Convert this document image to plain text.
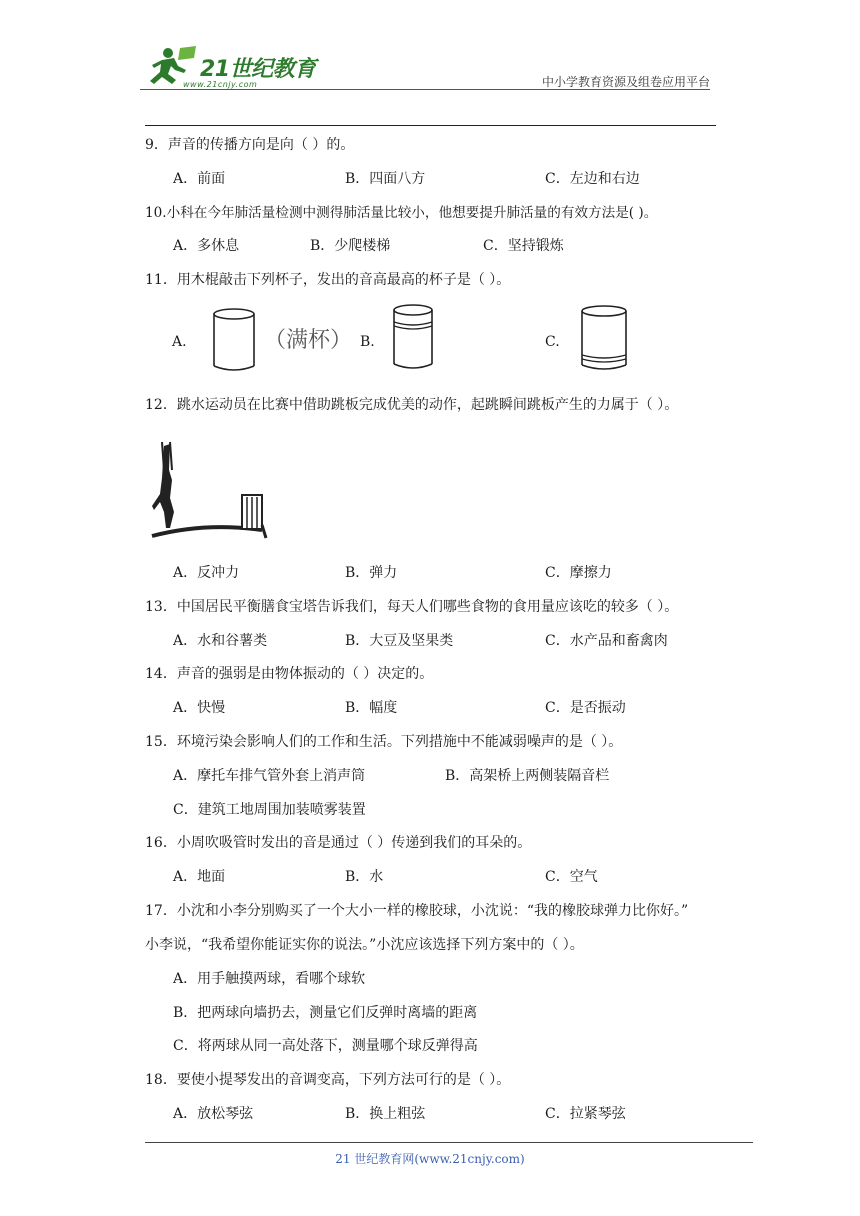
21世纪教育
www.21cnjy.com	中小学教育资源及组卷应用平台
9．声音的传播方向是向（ ）的。
A．前面	B．四面八方	C．左边和右边
10.小科在今年肺活量检测中测得肺活量比较小，他想要提升肺活量的有效方法是( )。
A．多休息	B．少爬楼梯	C．坚持锻炼
11．用木棍敲击下列杯子，发出的音高最高的杯子是（ ）。
A.	（满杯） B.	C.
12．跳水运动员在比赛中借助跳板完成优美的动作，起跳瞬间跳板产生的力属于（ ）。
A．反冲力	B．弹力	C．摩擦力
13．中国居民平衡膳食宝塔告诉我们，每天人们哪些食物的食用量应该吃的较多（ ）。
A．水和谷薯类	B．大豆及坚果类	C．水产品和畜禽肉
14．声音的强弱是由物体振动的（ ）决定的。
A．快慢	B．幅度	C．是否振动
15．环境污染会影响人们的工作和生活。下列措施中不能减弱噪声的是（ ）。
A．摩托车排气管外套上消声筒	B．高架桥上两侧装隔音栏
C．建筑工地周围加装喷雾装置
16．小周吹吸管时发出的音是通过（ ）传递到我们的耳朵的。
A．地面	B．水	C．空气
17．小沈和小李分别购买了一个大小一样的橡胶球，小沈说：“我的橡胶球弹力比你好。”
小李说，“我希望你能证实你的说法。”小沈应该选择下列方案中的（ ）。
A．用手触摸两球，看哪个球软
B．把两球向墙扔去，测量它们反弹时离墙的距离
C．将两球从同一高处落下，测量哪个球反弹得高
18．要使小提琴发出的音调变高，下列方法可行的是（ ）。
A．放松琴弦	B．换上粗弦	C．拉紧琴弦
21 世纪教育网(www.21cnjy.com)
